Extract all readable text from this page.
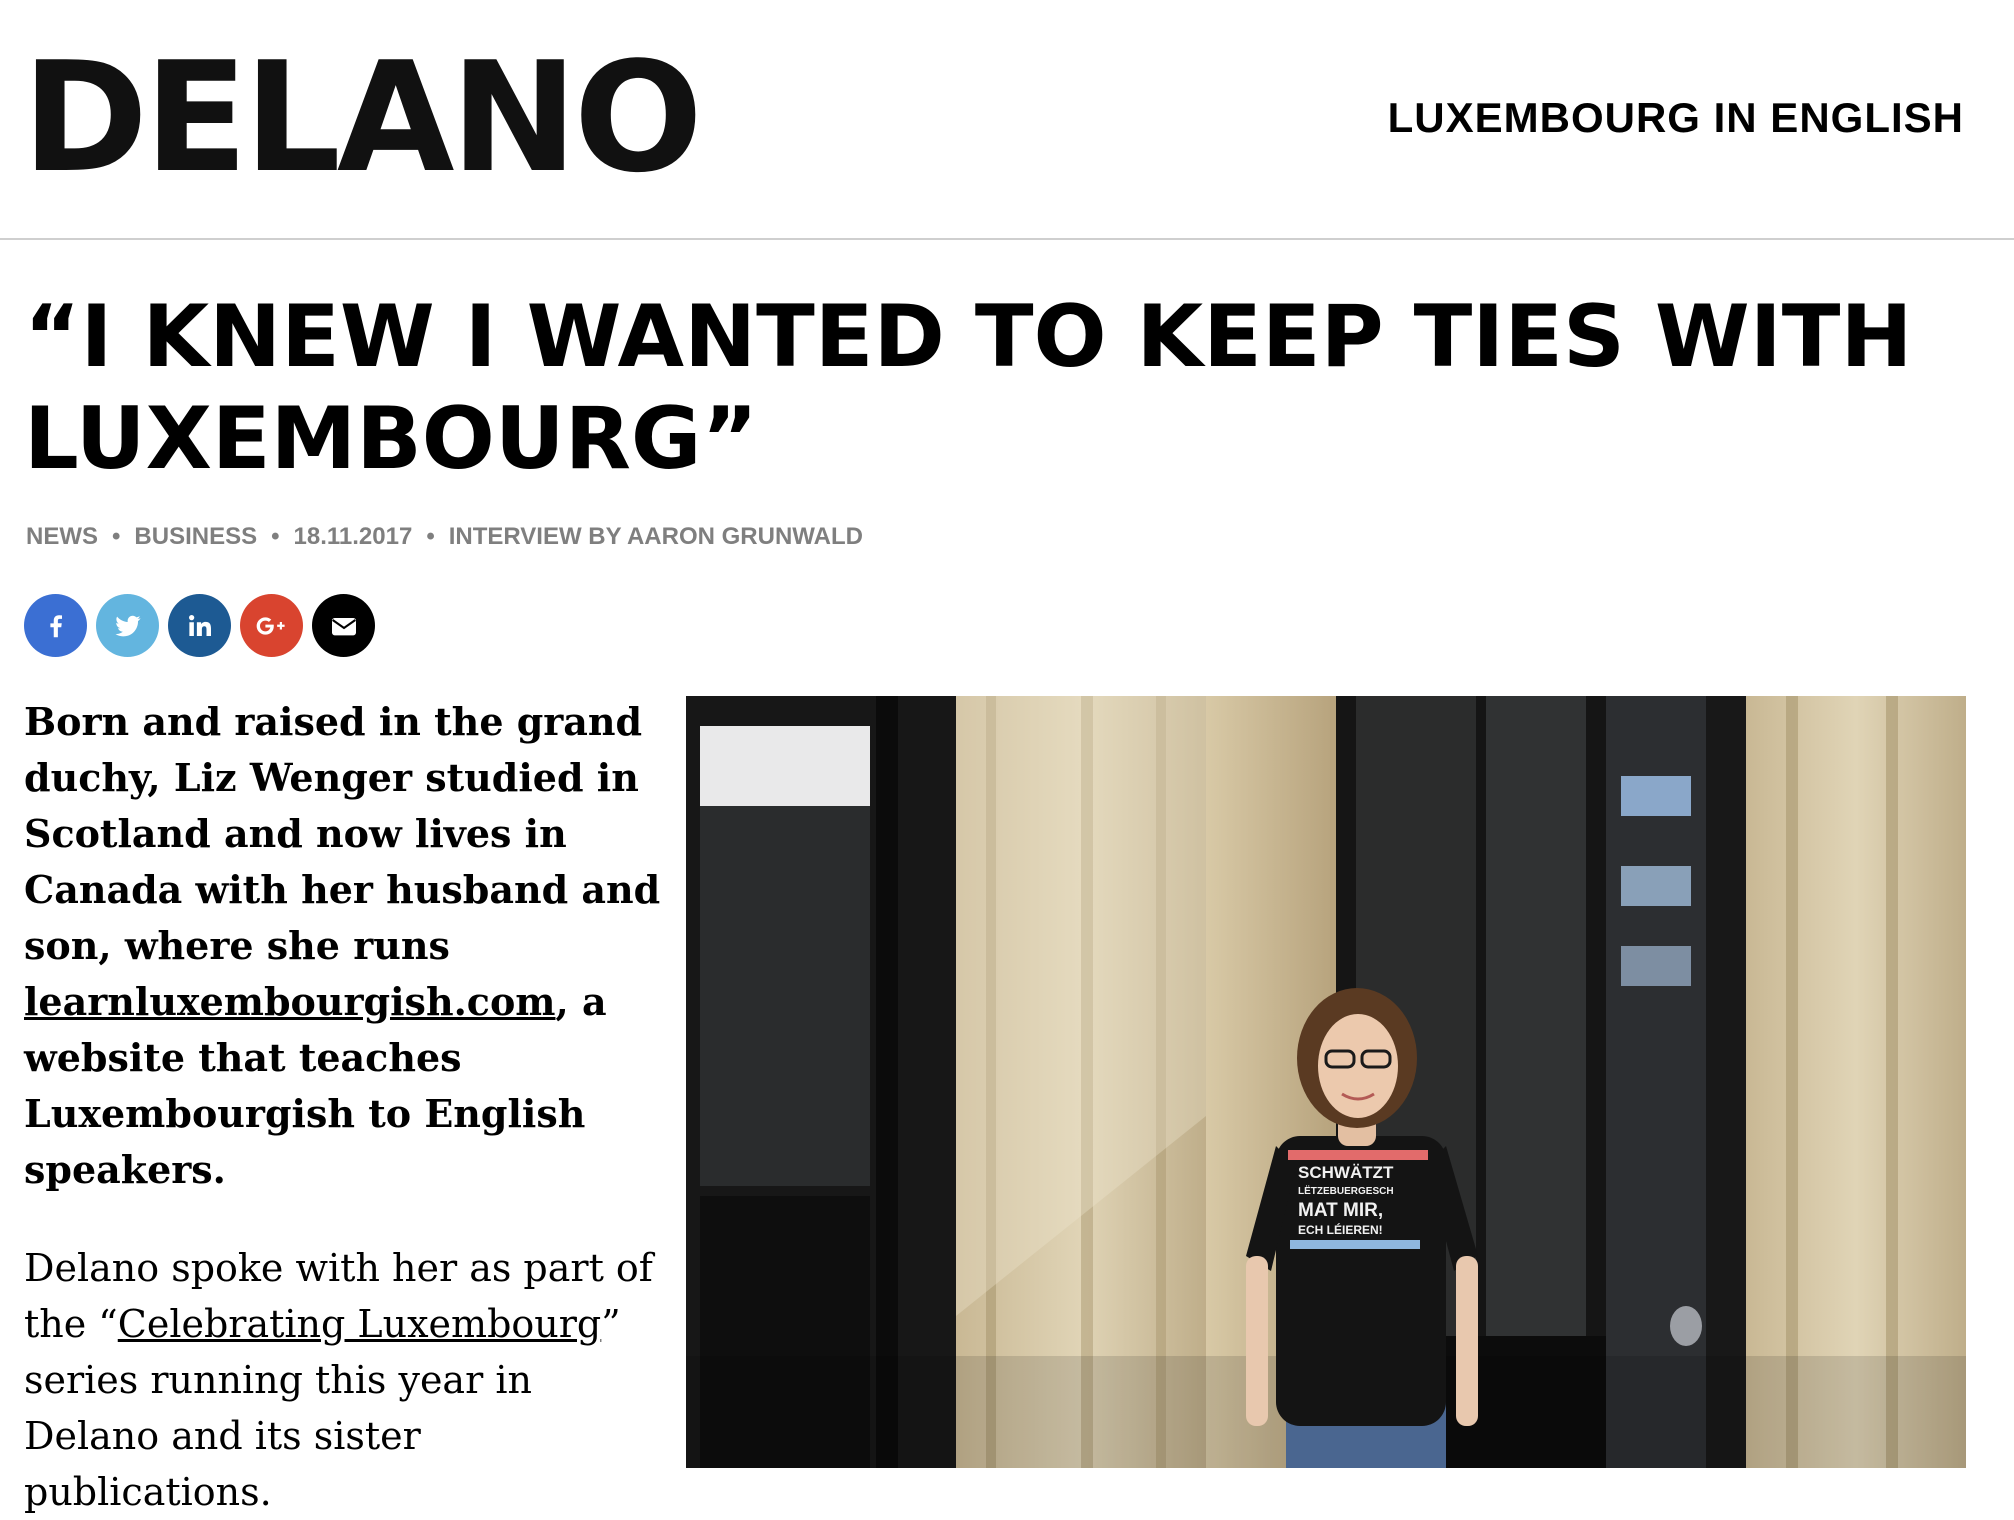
DELANO	LUXEMBOURG IN ENGLISH
“I KNEW I WANTED TO KEEP TIES WITH LUXEMBOURG”
NEWS • BUSINESS • 18.11.2017 • INTERVIEW BY AARON GRUNWALD

Born and raised in the grand duchy, Liz Wenger studied in Scotland and now lives in Canada with her husband and son, where she runs learnluxembourgish.com, a website that teaches Luxembourgish to English speakers.

Delano spoke with her as part of the “Celebrating Luxembourg” series running this year in Delano and its sister publications.

SCHWÄTZT
LËTZEBUERGESCH
MAT MIR,
ECH LÉIEREN!
